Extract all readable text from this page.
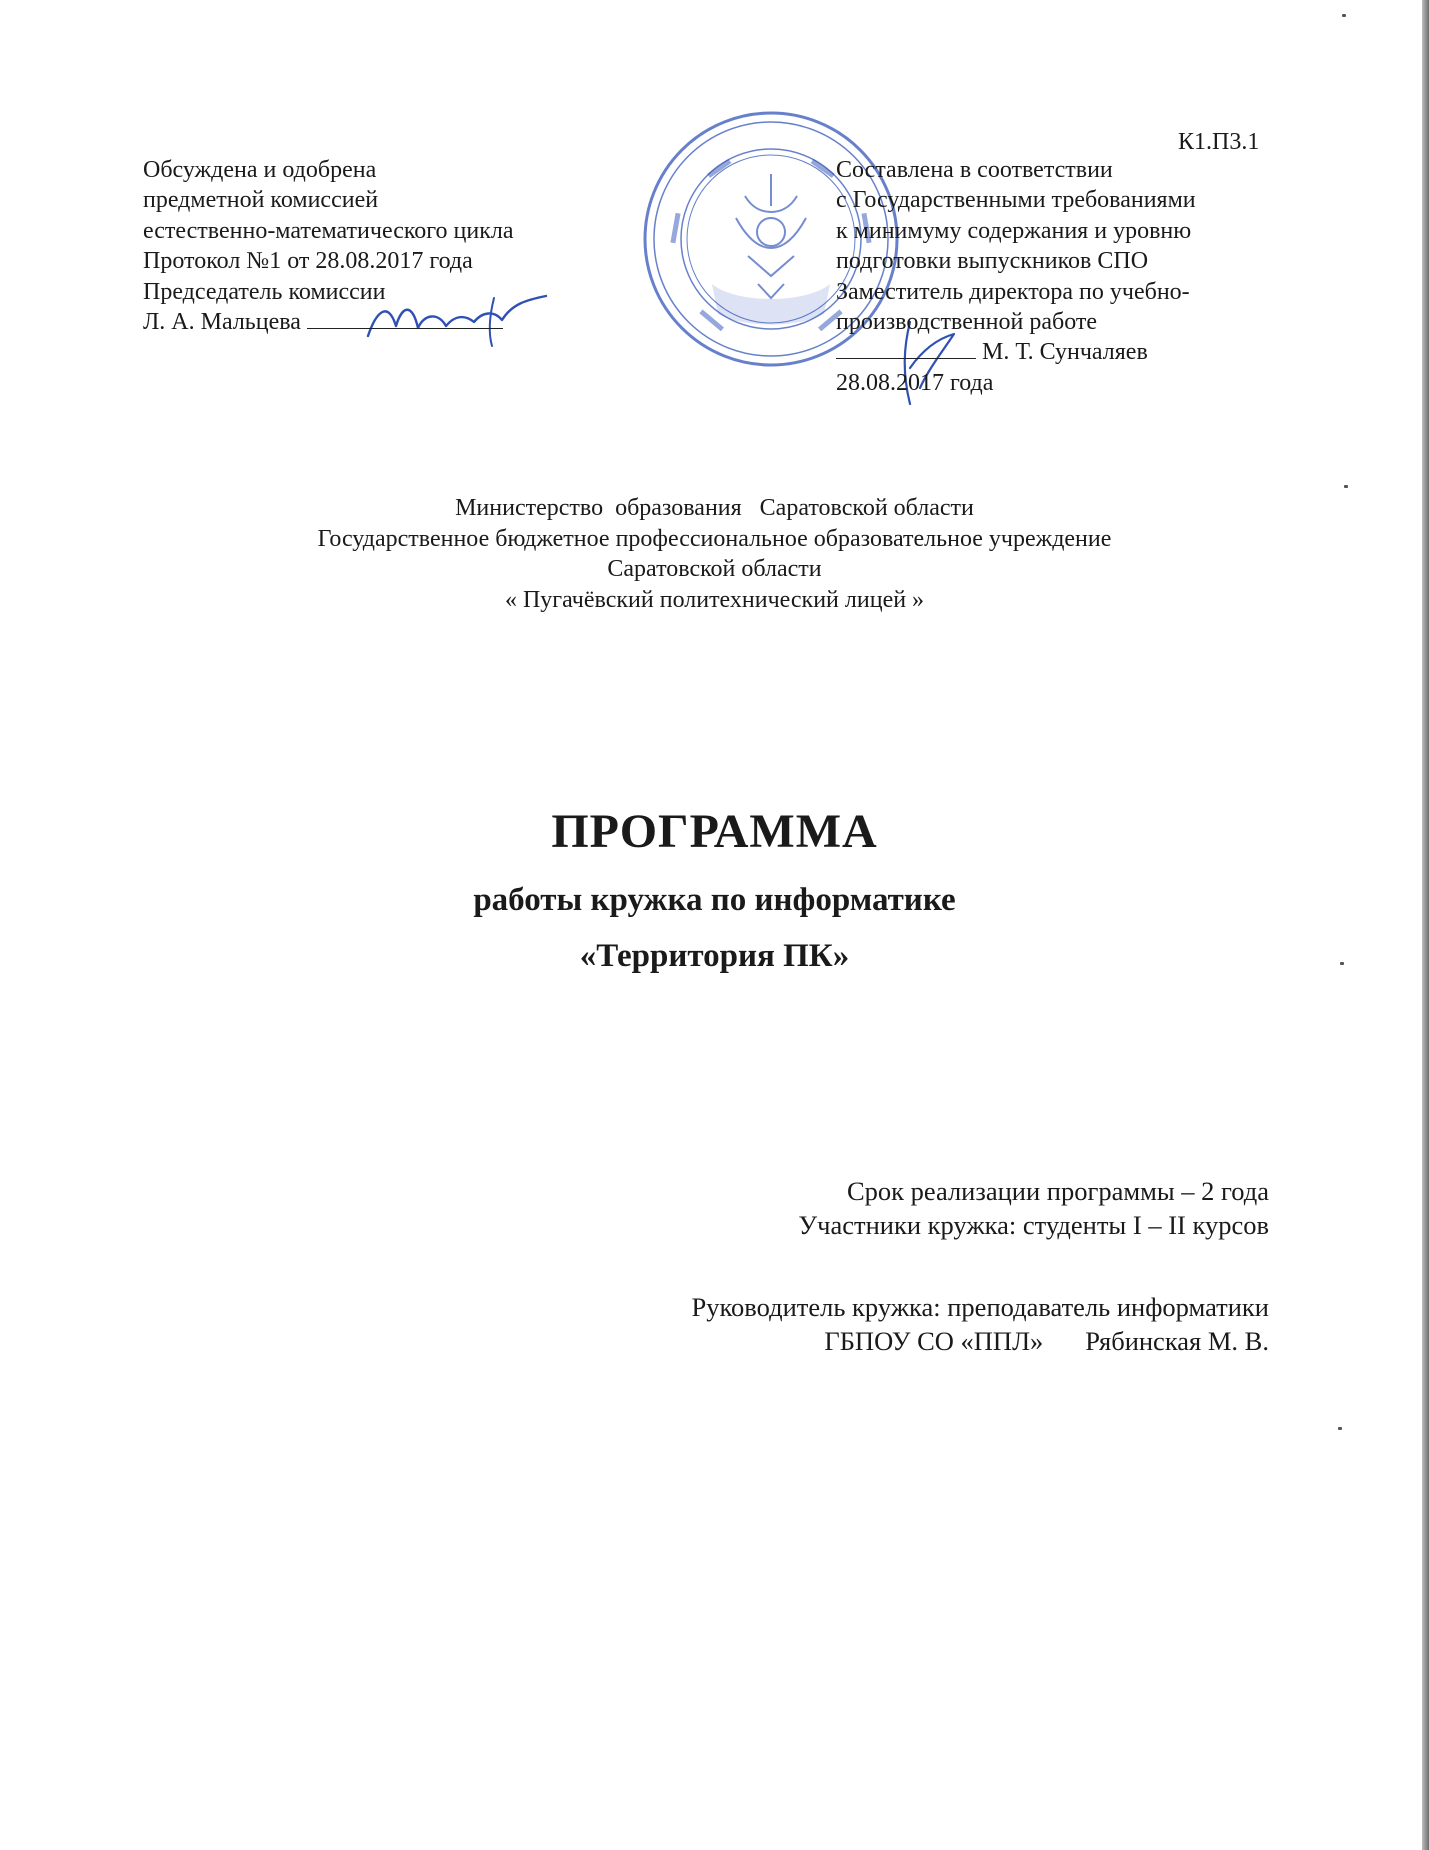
К1.П3.1
Обсуждена и одобрена
предметной комиссией
естественно-математического цикла
Протокол №1 от 28.08.2017 года
Председатель комиссии
Л. А. Мальцева
Составлена в соответствии
с Государственными требованиями
к минимуму содержания и уровню
подготовки выпускников СПО
Заместитель директора по учебно-
производственной работе
М. Т. Сунчаляев
28.08.2017 года
Министерство  образования   Саратовской области
Государственное бюджетное профессиональное образовательное учреждение
Саратовской области
« Пугачёвский политехнический лицей »
ПРОГРАММА
работы кружка по информатике
«Территория ПК»
Срок реализации программы – 2 года
Участники кружка: студенты I – II курсов
Руководитель кружка: преподаватель информатики
ГБПОУ СО «ППЛ» Рябинская М. В.
